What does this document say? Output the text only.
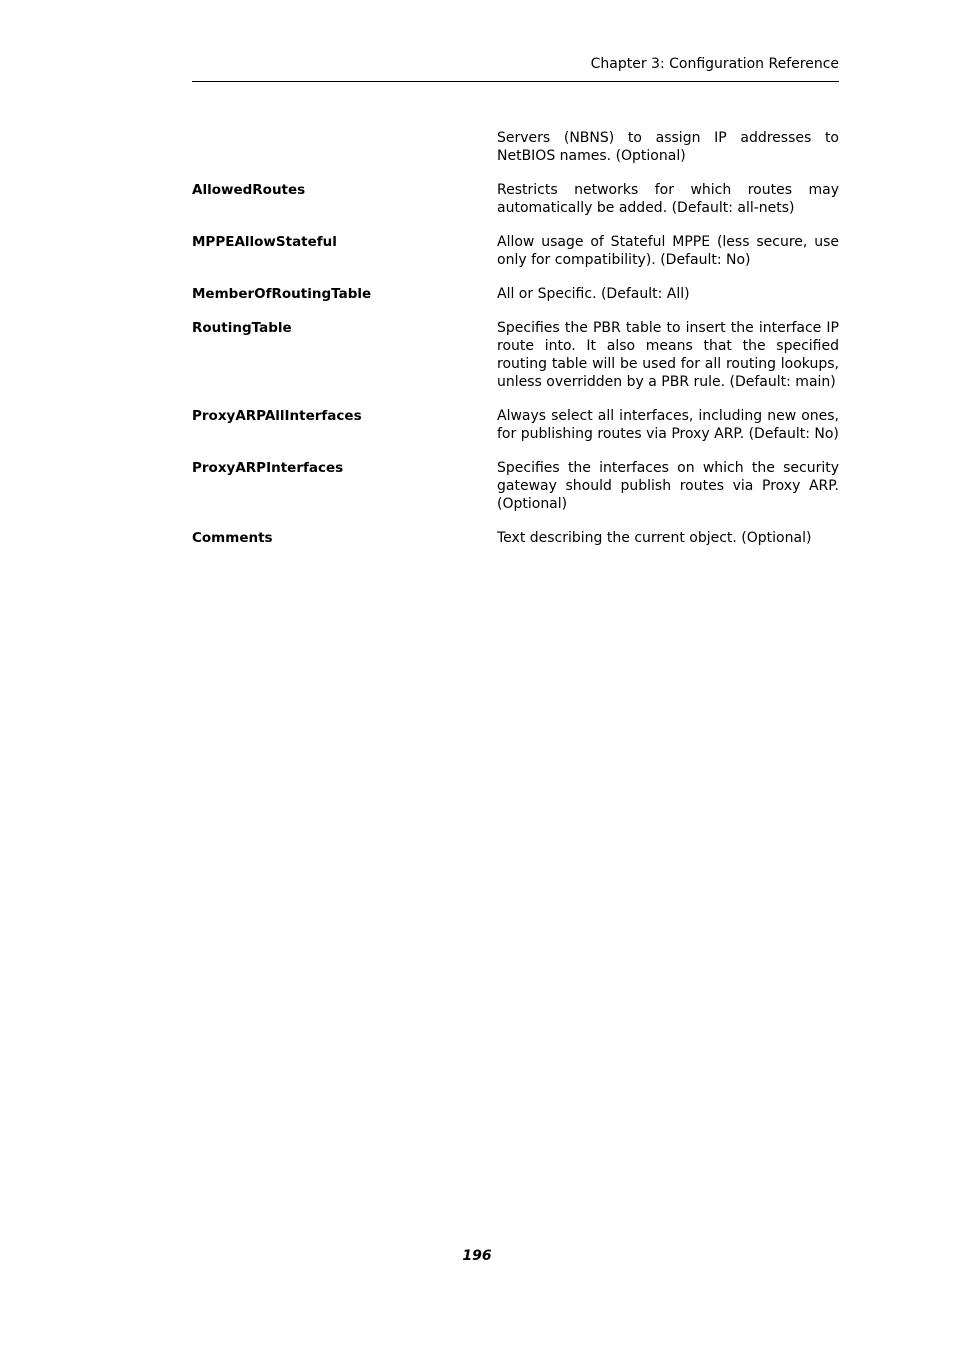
Chapter 3: Configuration Reference
Servers (NBNS) to assign IP addresses to NetBIOS names. (Optional)
AllowedRoutes	Restricts networks for which routes may automatically be added. (Default: all-nets)
MPPEAllowStateful	Allow usage of Stateful MPPE (less secure, use only for compatibility). (Default: No)
MemberOfRoutingTable	All or Specific. (Default: All)
RoutingTable	Specifies the PBR table to insert the interface IP route into. It also means that the specified routing table will be used for all routing lookups, unless overridden by a PBR rule. (Default: main)
ProxyARPAllInterfaces	Always select all interfaces, including new ones, for publishing routes via Proxy ARP. (Default: No)
ProxyARPInterfaces	Specifies the interfaces on which the security gateway should publish routes via Proxy ARP. (Optional)
Comments	Text describing the current object. (Optional)
196
